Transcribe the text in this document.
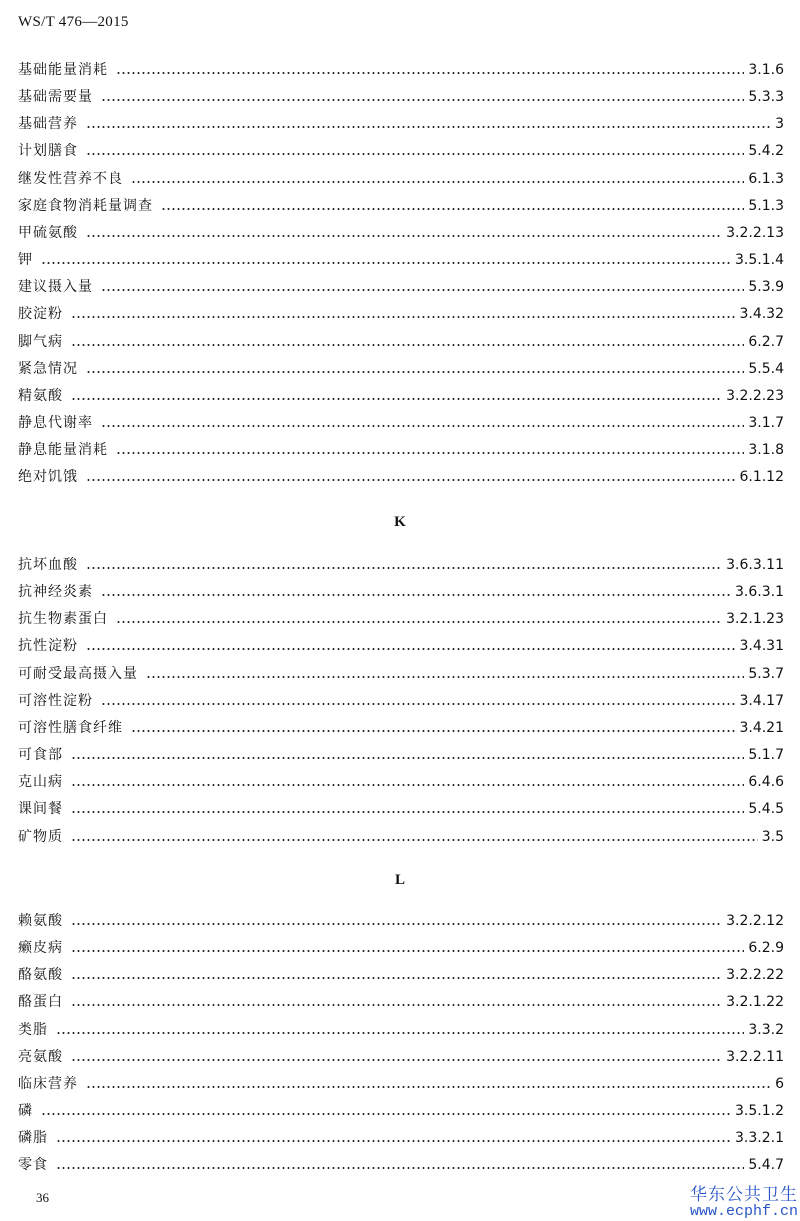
WS/T 476—2015
基础能量消耗	3.1.6
基础需要量	5.3.3
基础营养	3
计划膳食	5.4.2
继发性营养不良	6.1.3
家庭食物消耗量调查	5.1.3
甲硫氨酸	3.2.2.13
钾	3.5.1.4
建议摄入量	5.3.9
胶淀粉	3.4.32
脚气病	6.2.7
紧急情况	5.5.4
精氨酸	3.2.2.23
静息代谢率	3.1.7
静息能量消耗	3.1.8
绝对饥饿	6.1.12
K
抗坏血酸	3.6.3.11
抗神经炎素	3.6.3.1
抗生物素蛋白	3.2.1.23
抗性淀粉	3.4.31
可耐受最高摄入量	5.3.7
可溶性淀粉	3.4.17
可溶性膳食纤维	3.4.21
可食部	5.1.7
克山病	6.4.6
课间餐	5.4.5
矿物质	3.5
L
赖氨酸	3.2.2.12
癞皮病	6.2.9
酪氨酸	3.2.2.22
酪蛋白	3.2.1.22
类脂	3.3.2
亮氨酸	3.2.2.11
临床营养	6
磷	3.5.1.2
磷脂	3.3.2.1
零食	5.4.7
36	华东公共卫生
www.ecphf.cn
